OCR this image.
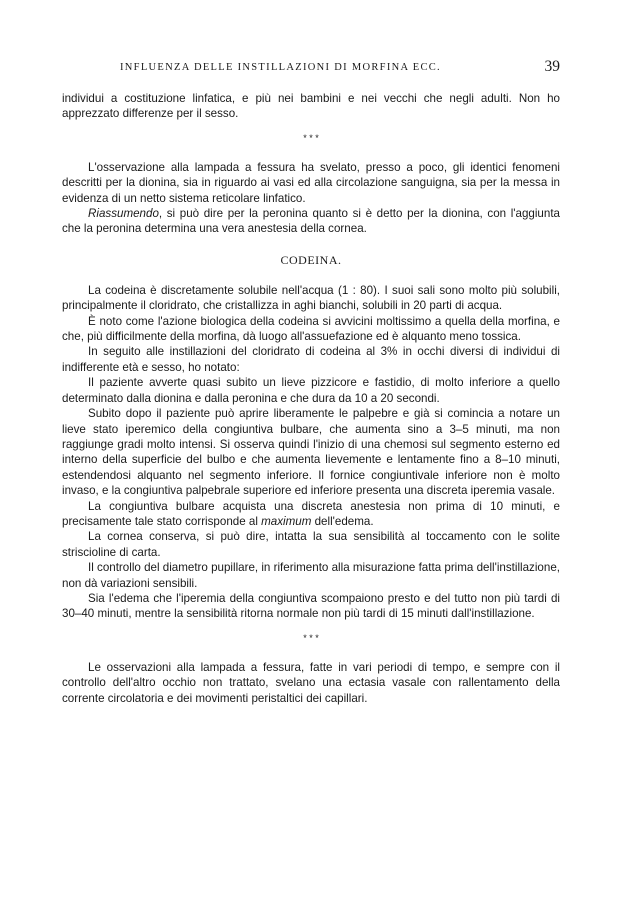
INFLUENZA DELLE INSTILLAZIONI DI MORFINA ECC.	39

individui a costituzione linfatica, e più nei bambini e nei vecchi che negli adulti. Non ho apprezzato differenze per il sesso.

* * *

L'osservazione alla lampada a fessura ha svelato, presso a poco, gli identici fenomeni descritti per la dionina, sia in riguardo ai vasi ed alla circolazione sanguigna, sia per la messa in evidenza di un netto sistema reticolare linfatico.

Riassumendo, si può dire per la peronina quanto si è detto per la dionina, con l'aggiunta che la peronina determina una vera anestesia della cornea.

CODEINA.

La codeina è discretamente solubile nell'acqua (1 : 80). I suoi sali sono molto più solubili, principalmente il cloridrato, che cristallizza in aghi bianchi, solubili in 20 parti di acqua.

È noto come l'azione biologica della codeina si avvicini moltissimo a quella della morfina, e che, più difficilmente della morfina, dà luogo all'assuefazione ed è alquanto meno tossica.

In seguito alle instillazioni del cloridrato di codeina al 3% in occhi diversi di individui di indifferente età e sesso, ho notato:

Il paziente avverte quasi subito un lieve pizzicore e fastidio, di molto inferiore a quello determinato dalla dionina e dalla peronina e che dura da 10 a 20 secondi.

Subito dopo il paziente può aprire liberamente le palpebre e già si comincia a notare un lieve stato iperemico della congiuntiva bulbare, che aumenta sino a 3–5 minuti, ma non raggiunge gradi molto intensi. Si osserva quindi l'inizio di una chemosi sul segmento esterno ed interno della superficie del bulbo e che aumenta lievemente e lentamente fino a 8–10 minuti, estendendosi alquanto nel segmento inferiore. Il fornice congiuntivale inferiore non è molto invaso, e la congiuntiva palpebrale superiore ed inferiore presenta una discreta iperemia vasale.

La congiuntiva bulbare acquista una discreta anestesia non prima di 10 minuti, e precisamente tale stato corrisponde al maximum dell'edema.

La cornea conserva, si può dire, intatta la sua sensibilità al toccamento con le solite striscioline di carta.

Il controllo del diametro pupillare, in riferimento alla misurazione fatta prima dell'instillazione, non dà variazioni sensibili.

Sia l'edema che l'iperemia della congiuntiva scompaiono presto e del tutto non più tardi di 30–40 minuti, mentre la sensibilità ritorna normale non più tardi di 15 minuti dall'instillazione.

* * *

Le osservazioni alla lampada a fessura, fatte in vari periodi di tempo, e sempre con il controllo dell'altro occhio non trattato, svelano una ectasia vasale con rallentamento della corrente circolatoria e dei movimenti peristaltici dei capillari.
